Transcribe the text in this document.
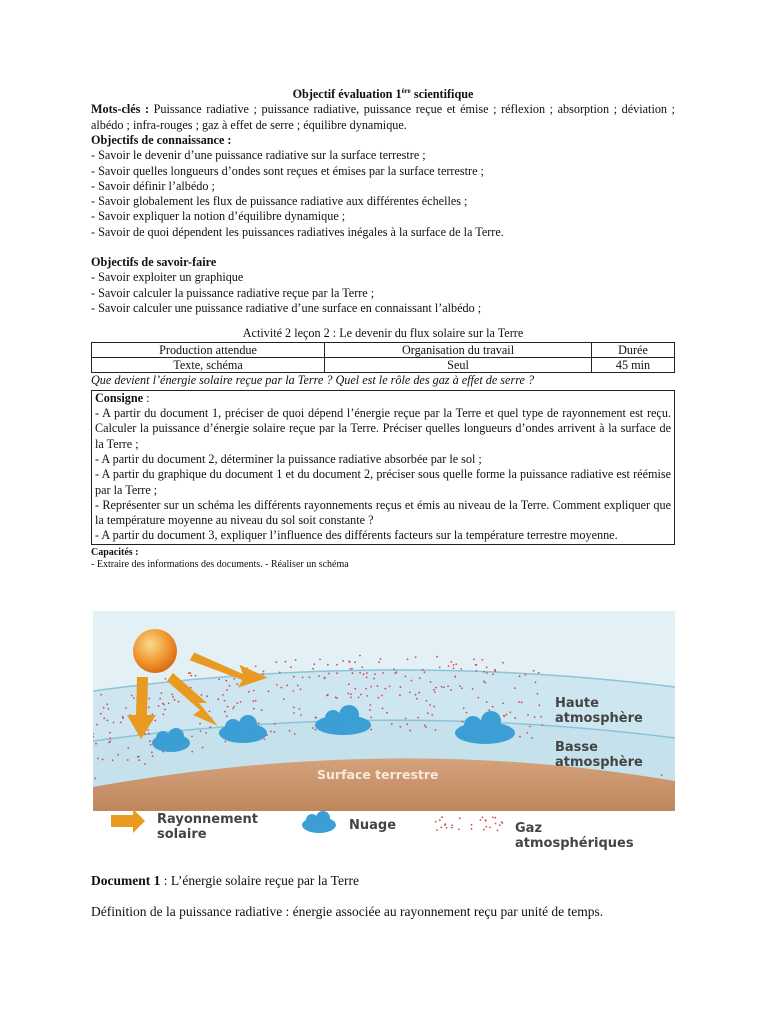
Objectif évaluation 1ère scientifique

Mots-clés : Puissance radiative ; puissance radiative, puissance reçue et émise ; réflexion ; absorption ; déviation ; albédo ; infra-rouges ; gaz à effet de serre ; équilibre dynamique.

Objectifs de connaissance :

- Savoir le devenir d’une puissance radiative sur la surface terrestre ;

- Savoir quelles longueurs d’ondes sont reçues et émises par la surface terrestre ;

- Savoir définir l’albédo ;

- Savoir globalement les flux de puissance radiative aux différentes échelles ;

- Savoir expliquer la notion d’équilibre dynamique ;

- Savoir de quoi dépendent les puissances radiatives inégales à la surface de la Terre.

Objectifs de savoir-faire

- Savoir exploiter un graphique

- Savoir calculer la puissance radiative reçue par la Terre ;

- Savoir calculer une puissance radiative d’une surface en connaissant l’albédo ;

Activité 2 leçon 2 : Le devenir du flux solaire sur la Terre

Production attendue	Organisation du travail	Durée
Texte, schéma	Seul	45 min

Que devient l’énergie solaire reçue par la Terre ? Quel est le rôle des gaz à effet de serre ?

Consigne :

- A partir du document 1, préciser de quoi dépend l’énergie reçue par la Terre et quel type de rayonnement est reçu. Calculer la puissance d’énergie solaire reçue par la Terre. Préciser quelles longueurs d’ondes arrivent à la surface de la Terre ;

- A partir du document 2, déterminer la puissance radiative absorbée par le sol ;

- A partir du graphique du document 1 et du document 2, préciser sous quelle forme la puissance radiative est réémise par la Terre ;

- Représenter sur un schéma les différents rayonnements reçus et émis au niveau de la Terre. Comment expliquer que la température moyenne au niveau du sol soit constante ?

- A partir du document 3, expliquer l’influence des différents facteurs sur la température terrestre moyenne.

Capacités :

- Extraire des informations des documents. - Réaliser un schéma

Haute
atmosphère
Basse
atmosphère
Surface terrestre
Rayonnement
solaire
Nuage	Gaz
atmosphériques

Document 1 : L’énergie solaire reçue par la Terre

Définition de la puissance radiative : énergie associée au rayonnement reçu par unité de temps.
